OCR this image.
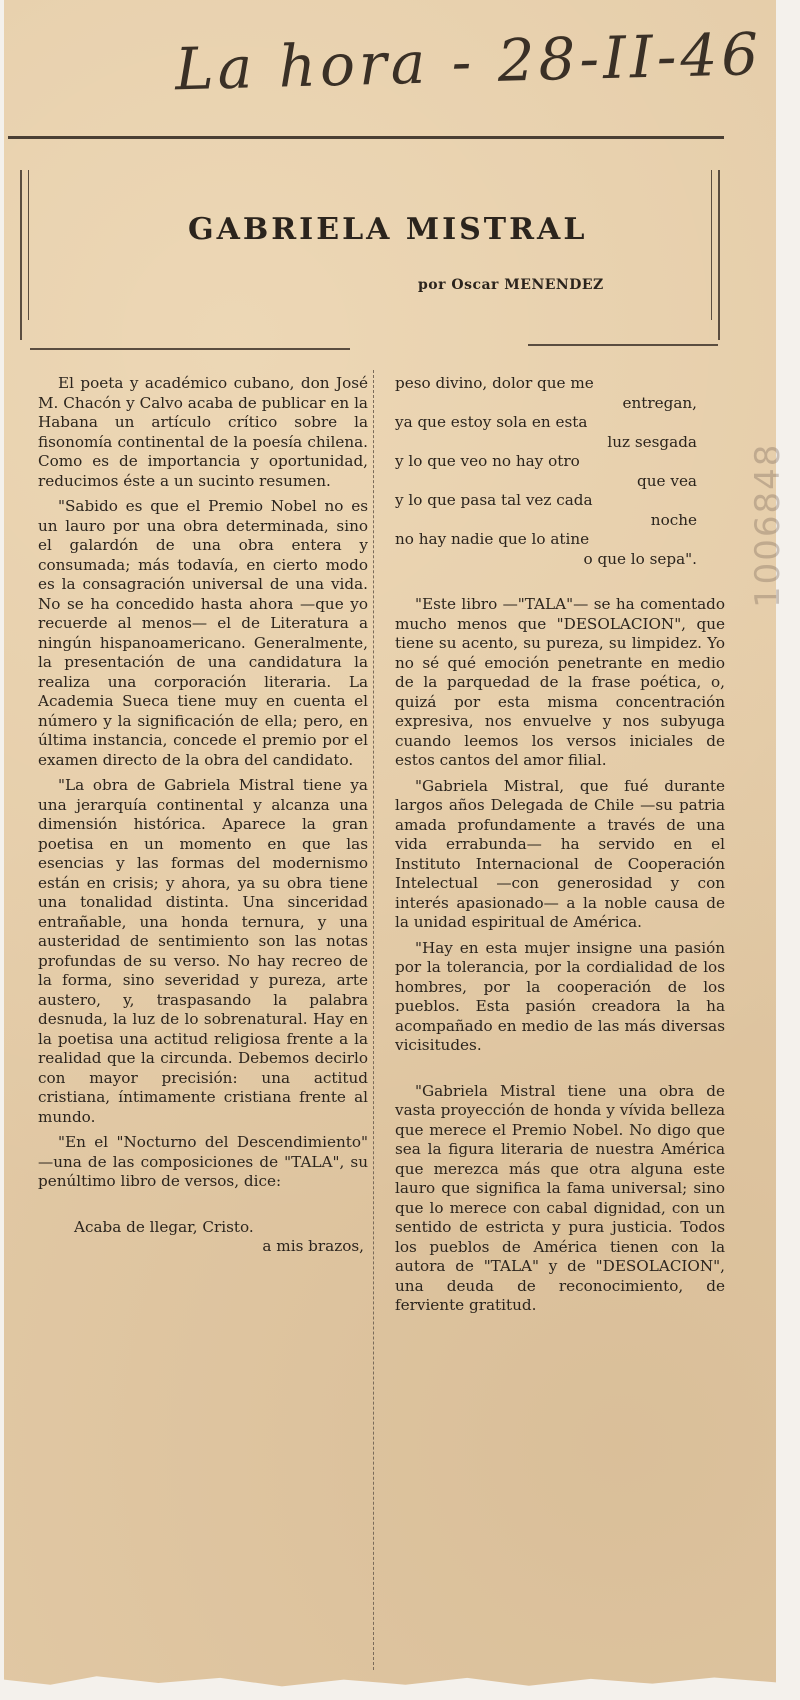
La hora - 28-II-46
GABRIELA MISTRAL
por Oscar MENENDEZ
1006848

El poeta y académico cubano, don José M. Chacón y Calvo acaba de publicar en la Habana un artículo crítico sobre la fisonomía continental de la poesía chilena. Como es de importancia y oportunidad, reducimos éste a un sucinto resumen.

"Sabido es que el Premio Nobel no es un lauro por una obra determinada, sino el galardón de una obra entera y consumada; más todavía, en cierto modo es la consagración universal de una vida. No se ha concedido hasta ahora —que yo recuerde al menos— el de Literatura a ningún hispanoamericano. Generalmente, la presentación de una candidatura la realiza una corporación literaria. La Academia Sueca tiene muy en cuenta el número y la significación de ella; pero, en última instancia, concede el premio por el examen directo de la obra del candidato.

"La obra de Gabriela Mistral tiene ya una jerarquía continental y alcanza una dimensión histórica. Aparece la gran poetisa en un momento en que las esencias y las formas del modernismo están en crisis; y ahora, ya su obra tiene una tonalidad distinta. Una sinceridad entrañable, una honda ternura, y una austeridad de sentimiento son las notas profundas de su verso. No hay recreo de la forma, sino severidad y pureza, arte austero, y, traspasando la palabra desnuda, la luz de lo sobrenatural. Hay en la poetisa una actitud religiosa frente a la realidad que la circunda. Debemos decirlo con mayor precisión: una actitud cristiana, íntimamente cristiana frente al mundo.

"En el "Nocturno del Descendimiento" —una de las composiciones de "TALA", su penúltimo libro de versos, dice:

Acaba de llegar, Cristo.
a mis brazos,
peso divino, dolor que me
entregan,
ya que estoy sola en esta
luz sesgada
y lo que veo no hay otro
que vea
y lo que pasa tal vez cada
noche
no hay nadie que lo atine
o que lo sepa".

"Este libro —"TALA"— se ha comentado mucho menos que "DESOLACION", que tiene su acento, su pureza, su limpidez. Yo no sé qué emoción penetrante en medio de la parquedad de la frase poética, o, quizá por esta misma concentración expresiva, nos envuelve y nos subyuga cuando leemos los versos iniciales de estos cantos del amor filial.

"Gabriela Mistral, que fué durante largos años Delegada de Chile —su patria amada profundamente a través de una vida errabunda— ha servido en el Instituto Internacional de Cooperación Intelectual —con generosidad y con interés apasionado— a la noble causa de la unidad espiritual de América.

"Hay en esta mujer insigne una pasión por la tolerancia, por la cordialidad de los hombres, por la cooperación de los pueblos. Esta pasión creadora la ha acompañado en medio de las más diversas vicisitudes.

"Gabriela Mistral tiene una obra de vasta proyección de honda y vívida belleza que merece el Premio Nobel. No digo que sea la figura literaria de nuestra América que merezca más que otra alguna este lauro que significa la fama universal; sino que lo merece con cabal dignidad, con un sentido de estricta y pura justicia. Todos los pueblos de América tienen con la autora de "TALA" y de "DESOLACION", una deuda de reconocimiento, de ferviente gratitud.
